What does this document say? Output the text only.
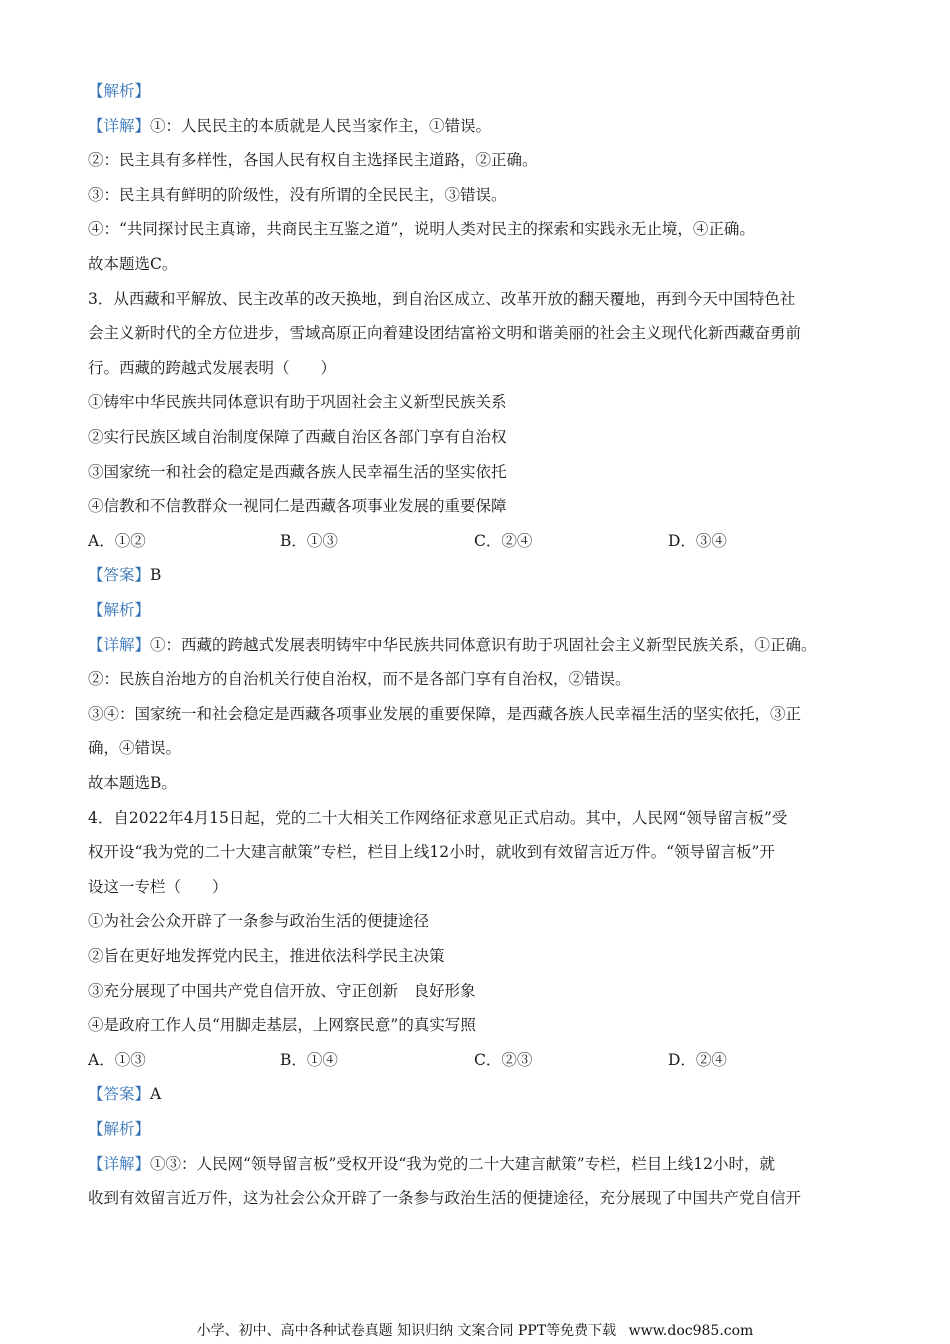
【解析】
【详解】①：人民民主的本质就是人民当家作主，①错误。
②：民主具有多样性，各国人民有权自主选择民主道路，②正确。
③：民主具有鲜明的阶级性，没有所谓的全民民主，③错误。
④：“共同探讨民主真谛，共商民主互鉴之道”，说明人类对民主的探索和实践永无止境，④正确。
故本题选C。
3．从西藏和平解放、民主改革的改天换地，到自治区成立、改革开放的翻天覆地，再到今天中国特色社
会主义新时代的全方位进步，雪域高原正向着建设团结富裕文明和谐美丽的社会主义现代化新西藏奋勇前
行。西藏的跨越式发展表明（　　）
①铸牢中华民族共同体意识有助于巩固社会主义新型民族关系
②实行民族区域自治制度保障了西藏自治区各部门享有自治权
③国家统一和社会的稳定是西藏各族人民幸福生活的坚实依托
④信教和不信教群众一视同仁是西藏各项事业发展的重要保障
A．①②	B．①③	C．②④	D．③④
【答案】B
【解析】
【详解】①：西藏的跨越式发展表明铸牢中华民族共同体意识有助于巩固社会主义新型民族关系，①正确。
②：民族自治地方的自治机关行使自治权，而不是各部门享有自治权，②错误。
③④：国家统一和社会稳定是西藏各项事业发展的重要保障，是西藏各族人民幸福生活的坚实依托，③正
确，④错误。
故本题选B。
4．自2022年4月15日起，党的二十大相关工作网络征求意见正式启动。其中，人民网“领导留言板”受
权开设“我为党的二十大建言献策”专栏，栏目上线12小时，就收到有效留言近万件。“领导留言板”开
设这一专栏（　　）
①为社会公众开辟了一条参与政治生活的便捷途径
②旨在更好地发挥党内民主，推进依法科学民主决策
③充分展现了中国共产党自信开放、守正创新　良好形象
④是政府工作人员“用脚走基层，上网察民意”的真实写照
A．①③	B．①④	C．②③	D．②④
【答案】A
【解析】
【详解】①③：人民网“领导留言板”受权开设“我为党的二十大建言献策”专栏，栏目上线12小时，就
收到有效留言近万件，这为社会公众开辟了一条参与政治生活的便捷途径，充分展现了中国共产党自信开
小学、初中、高中各种试卷真题 知识归纳 文案合同 PPT等免费下载 www.doc985.com
